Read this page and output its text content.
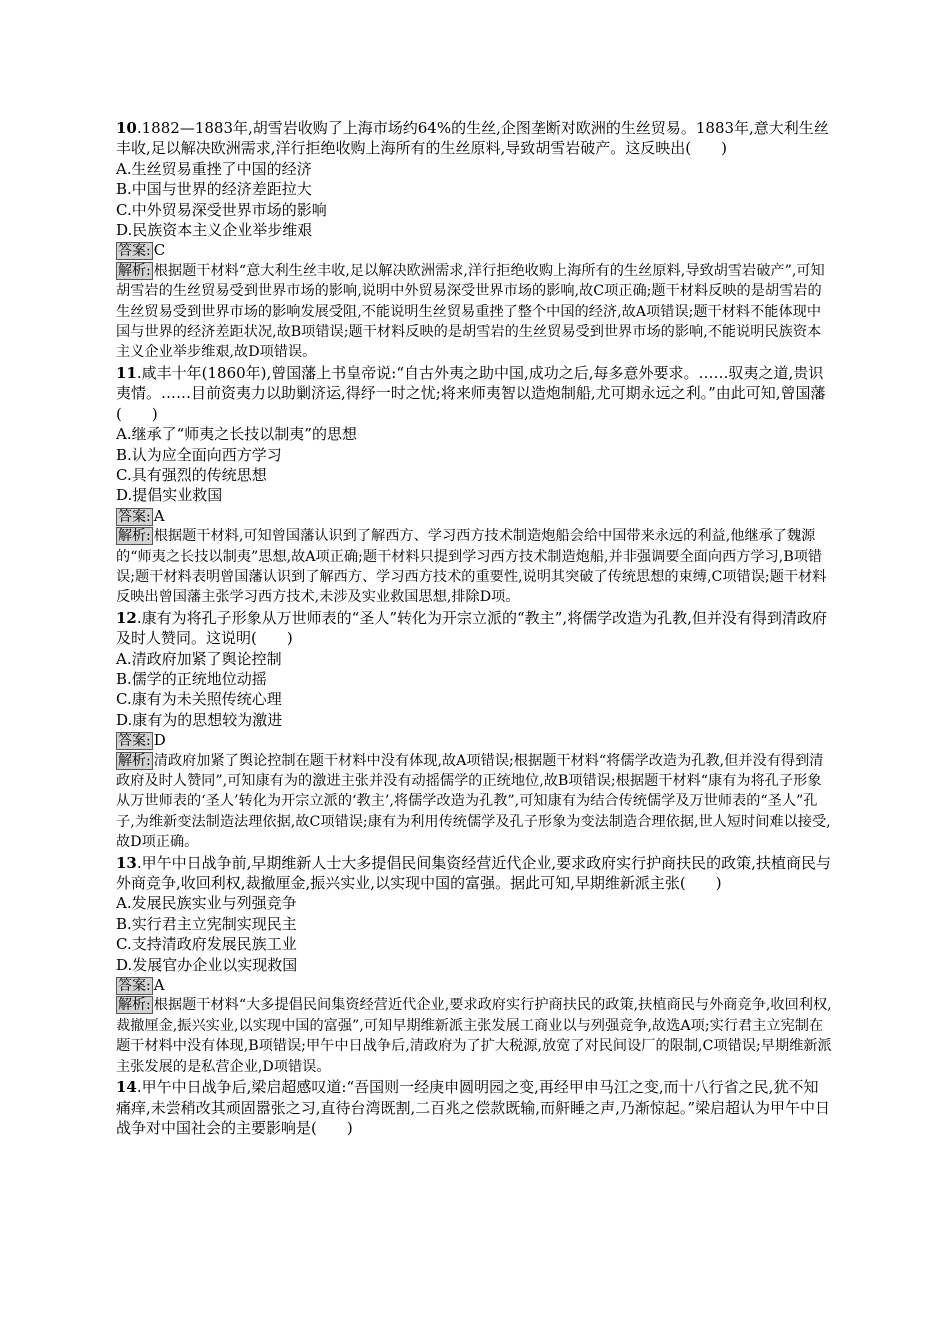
10.1882—1883年,胡雪岩收购了上海市场约64%的生丝,企图垄断对欧洲的生丝贸易。1883年,意大利生丝丰收,足以解决欧洲需求,洋行拒绝收购上海所有的生丝原料,导致胡雪岩破产。这反映出(　　)
A.生丝贸易重挫了中国的经济
B.中国与世界的经济差距拉大
C.中外贸易深受世界市场的影响
D.民族资本主义企业举步维艰
答案: C
解析: 根据题干材料“意大利生丝丰收,足以解决欧洲需求,洋行拒绝收购上海所有的生丝原料,导致胡雪岩破产”,可知胡雪岩的生丝贸易受到世界市场的影响,说明中外贸易深受世界市场的影响,故C项正确;题干材料反映的是胡雪岩的生丝贸易受到世界市场的影响发展受阻,不能说明生丝贸易重挫了整个中国的经济,故A项错误;题干材料不能体现中国与世界的经济差距状况,故B项错误;题干材料反映的是胡雪岩的生丝贸易受到世界市场的影响,不能说明民族资本主义企业举步维艰,故D项错误。
11.咸丰十年(1860年),曾国藩上书皇帝说:“自古外夷之助中国,成功之后,每多意外要求。……驭夷之道,贵识夷情。……目前资夷力以助剿济运,得纾一时之忧;将来师夷智以造炮制船,尤可期永远之利。”由此可知,曾国藩(　　)
A.继承了“师夷之长技以制夷”的思想
B.认为应全面向西方学习
C.具有强烈的传统思想
D.提倡实业救国
答案: A
解析: 根据题干材料,可知曾国藩认识到了解西方、学习西方技术制造炮船会给中国带来永远的利益,他继承了魏源的“师夷之长技以制夷”思想,故A项正确;题干材料只提到学习西方技术制造炮船,并非强调要全面向西方学习,B项错误;题干材料表明曾国藩认识到了解西方、学习西方技术的重要性,说明其突破了传统思想的束缚,C项错误;题干材料反映出曾国藩主张学习西方技术,未涉及实业救国思想,排除D项。
12.康有为将孔子形象从万世师表的“圣人”转化为开宗立派的“教主”,将儒学改造为孔教,但并没有得到清政府及时人赞同。这说明(　　)
A.清政府加紧了舆论控制
B.儒学的正统地位动摇
C.康有为未关照传统心理
D.康有为的思想较为激进
答案: D
解析: 清政府加紧了舆论控制在题干材料中没有体现,故A项错误;根据题干材料“将儒学改造为孔教,但并没有得到清政府及时人赞同”,可知康有为的激进主张并没有动摇儒学的正统地位,故B项错误;根据题干材料“康有为将孔子形象从万世师表的‘圣人’转化为开宗立派的‘教主’,将儒学改造为孔教”,可知康有为结合传统儒学及万世师表的“圣人”孔子,为维新变法制造法理依据,故C项错误;康有为利用传统儒学及孔子形象为变法制造合理依据,世人短时间难以接受,故D项正确。
13.甲午中日战争前,早期维新人士大多提倡民间集资经营近代企业,要求政府实行护商扶民的政策,扶植商民与外商竞争,收回利权,裁撤厘金,振兴实业,以实现中国的富强。据此可知,早期维新派主张(　　)
A.发展民族实业与列强竞争
B.实行君主立宪制实现民主
C.支持清政府发展民族工业
D.发展官办企业以实现救国
答案: A
解析: 根据题干材料“大多提倡民间集资经营近代企业,要求政府实行护商扶民的政策,扶植商民与外商竞争,收回利权,裁撤厘金,振兴实业,以实现中国的富强”,可知早期维新派主张发展工商业以与列强竞争,故选A项;实行君主立宪制在题干材料中没有体现,B项错误;甲午中日战争后,清政府为了扩大税源,放宽了对民间设厂的限制,C项错误;早期维新派主张发展的是私营企业,D项错误。
14.甲午中日战争后,梁启超感叹道:“吾国则一经庚申圆明园之变,再经甲申马江之变,而十八行省之民,犹不知痛痒,未尝稍改其顽固嚣张之习,直待台湾既割,二百兆之偿款既输,而鼾睡之声,乃渐惊起。”梁启超认为甲午中日战争对中国社会的主要影响是(　　)
